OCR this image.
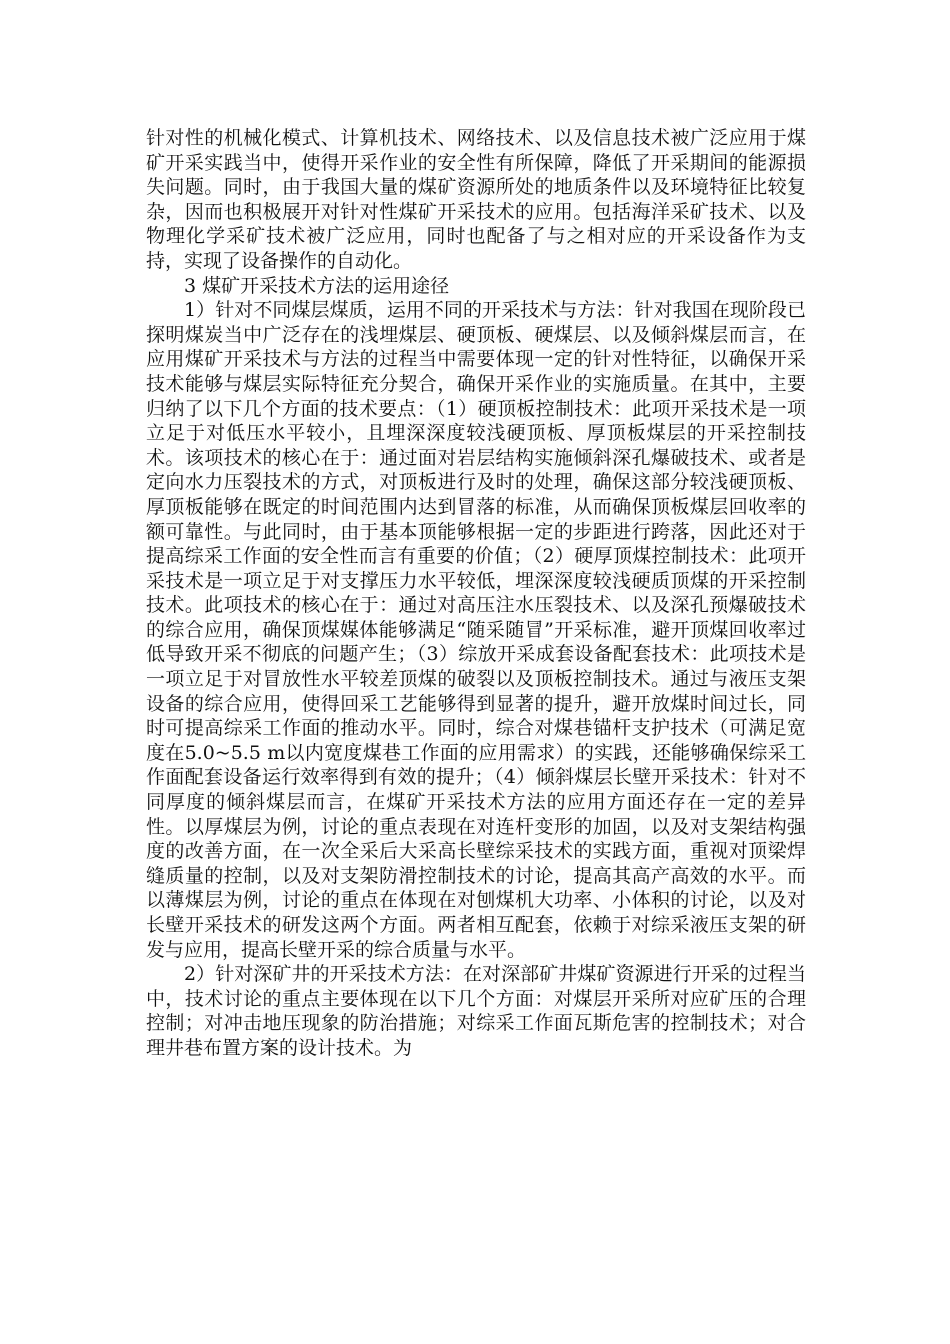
针对性的机械化模式、计算机技术、网络技术、以及信息技术被广泛应用于煤矿开采实践当中，使得开采作业的安全性有所保障，降低了开采期间的能源损失问题。同时，由于我国大量的煤矿资源所处的地质条件以及环境特征比较复杂，因而也积极展开对针对性煤矿开采技术的应用。包括海洋采矿技术、以及物理化学采矿技术被广泛应用，同时也配备了与之相对应的开采设备作为支持，实现了设备操作的自动化。

3 煤矿开采技术方法的运用途径

1）针对不同煤层煤质，运用不同的开采技术与方法：针对我国在现阶段已探明煤炭当中广泛存在的浅埋煤层、硬顶板、硬煤层、以及倾斜煤层而言，在应用煤矿开采技术与方法的过程当中需要体现一定的针对性特征，以确保开采技术能够与煤层实际特征充分契合，确保开采作业的实施质量。在其中，主要归纳了以下几个方面的技术要点：（1）硬顶板控制技术：此项开采技术是一项立足于对低压水平较小，且埋深深度较浅硬顶板、厚顶板煤层的开采控制技术。该项技术的核心在于：通过面对岩层结构实施倾斜深孔爆破技术、或者是定向水力压裂技术的方式，对顶板进行及时的处理，确保这部分较浅硬顶板、厚顶板能够在既定的时间范围内达到冒落的标准，从而确保顶板煤层回收率的额可靠性。与此同时，由于基本顶能够根据一定的步距进行跨落，因此还对于提高综采工作面的安全性而言有重要的价值；（2）硬厚顶煤控制技术：此项开采技术是一项立足于对支撑压力水平较低，埋深深度较浅硬质顶煤的开采控制技术。此项技术的核心在于：通过对高压注水压裂技术、以及深孔预爆破技术的综合应用，确保顶煤媒体能够满足“随采随冒”开采标准，避开顶煤回收率过低导致开采不彻底的问题产生；（3）综放开采成套设备配套技术：此项技术是一项立足于对冒放性水平较差顶煤的破裂以及顶板控制技术。通过与液压支架设备的综合应用，使得回采工艺能够得到显著的提升，避开放煤时间过长，同时可提高综采工作面的推动水平。同时，综合对煤巷锚杆支护技术（可满足宽度在5.0~5.5 m以内宽度煤巷工作面的应用需求）的实践，还能够确保综采工作面配套设备运行效率得到有效的提升；（4）倾斜煤层长壁开采技术：针对不同厚度的倾斜煤层而言，在煤矿开采技术方法的应用方面还存在一定的差异性。以厚煤层为例，讨论的重点表现在对连杆变形的加固，以及对支架结构强度的改善方面，在一次全采后大采高长壁综采技术的实践方面，重视对顶梁焊缝质量的控制，以及对支架防滑控制技术的讨论，提高其高产高效的水平。而以薄煤层为例，讨论的重点在体现在对刨煤机大功率、小体积的讨论，以及对长壁开采技术的研发这两个方面。两者相互配套，依赖于对综采液压支架的研发与应用，提高长壁开采的综合质量与水平。

2）针对深矿井的开采技术方法：在对深部矿井煤矿资源进行开采的过程当中，技术讨论的重点主要体现在以下几个方面：对煤层开采所对应矿压的合理控制；对冲击地压现象的防治措施；对综采工作面瓦斯危害的控制技术；对合理井巷布置方案的设计技术。为
